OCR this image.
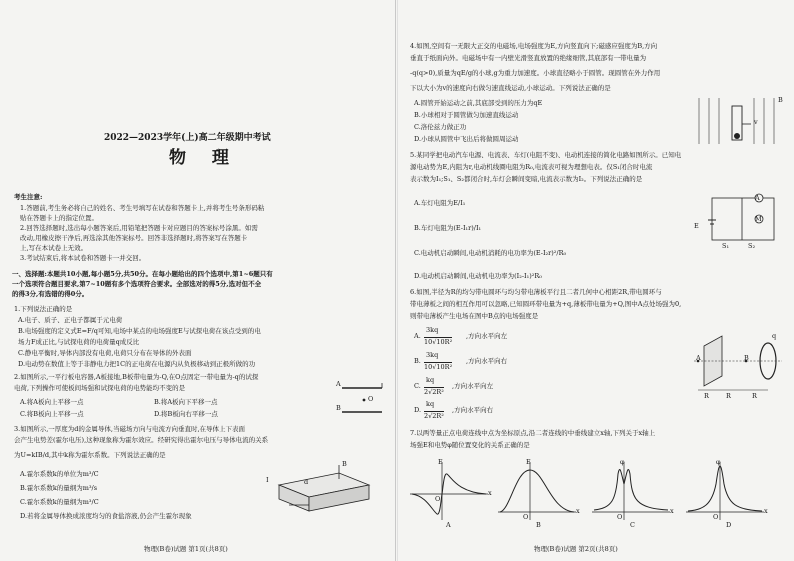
2022—2023学年(上)高二年级期中考试
物 理
考生注意:
1.答题前,考生务必将自己的姓名、考生号填写在试卷和答题卡上,并将考生号条形码粘
贴在答题卡上的指定位置。
2.回答选择题时,选出每小题答案后,用铅笔把答题卡对应题目的答案标号涂黑。如需
改动,用橡皮擦干净后,再选涂其他答案标号。回答非选择题时,将答案写在答题卡
上,写在本试卷上无效。
3.考试结束后,将本试卷和答题卡一并交回。
一、选择题:本题共10小题,每小题5分,共50分。在每小题给出的四个选项中,第1~6题只有
一个选项符合题目要求,第7~10题有多个选项符合要求。全部选对的得5分,选对但不全
的得3分,有选错的得0分。
1.下列说法正确的是
A.电子、质子、正电子都属于元电荷
B.电场强度的定义式E=F/q可知,电场中某点的电场强度E与试探电荷在该点受到的电
场力F成正比,与试探电荷的电荷量q成反比
C.静电平衡时,导体内部没有电荷,电荷只分布在导体的外表面
D.电动势在数值上等于非静电力把1C的正电荷在电源内从负极移动到正极所做的功
2.如图所示,一平行板电容器,A板接地,B板带电量为-Q,在O点固定一带电量为-q的试探
电荷,下列操作可使板间场强和试探电荷的电势能均不变的是
A.将A板向上平移一点	B.将A板向下平移一点
C.将B板向上平移一点	D.将B板向右平移一点
A
O
B
3.如图所示,一厚度为d的金属导体,当磁场方向与电流方向垂直时,在导体上下表面
会产生电势差(霍尔电压),这种现象称为霍尔效应。经研究得出霍尔电压与导体电流的关系
为U=kIB/d,其中k称为霍尔系数。下列说法正确的是
A.霍尔系数k的单位为m³/C
B.霍尔系数k的量纲为m³/s
C.霍尔系数k的量纲为m³/C
D.若将金属导体换成浓度均匀的食盐溶液,仍会产生霍尔现象
I	d
B
物理(B卷)试题 第1页(共8页)
4.如图,空间有一无限大正交的电磁场,电场强度为E,方向竖直向下;磁感应强度为B,方向
垂直于纸面向外。电磁场中有一内壁光滑竖直放置的绝缘细管,其底部有一带电量为
-q(q>0),质量为qE/g的小球,g为重力加速度。小球直径略小于圆管。现圆管在外力作用
下以大小为v的速度向右做匀速直线运动,小球运动。下列说法正确的是
A.圆管开始运动之前,其底部受到的压力为qE
B.小球相对于圆管做匀加速直线运动
C.洛伦兹力做正功
D.小球从圆管中飞出后将做圆周运动
v
B
5.某同学把电动汽车电源、电流表、车灯(电阻不变)、电动机连接的简化电路如图所示。已知电
源电动势为E,内阻为r,电动机线圈电阻为R₀,电流表可视为理想电表。仅S₁闭合时电流
表示数为I₁;S₁、S₂都闭合时,车灯会瞬间变暗,电流表示数为I₂。下列说法正确的是
A.车灯电阻为E/I₁
B.车灯电阻为(E-I₁r)/I₁
C.电动机启动瞬间,电动机消耗的电功率为(E-I₂r)²/R₀
D.电动机启动瞬间,电动机电功率为(I₂-I₁)²R₀
A
M
E
S₁	S₂
6.如图,半径为R的均匀带电圆环与均匀带电薄板平行且二者几何中心相距2R,带电圆环与
带电薄板之间的相互作用可以忽略,已知圆环带电量为+q,薄板带电量为+Q,图中A点处场强为0,
则带电薄板产生电场在图中B点的电场强度是
A.
3kq
10√10R²
,方向水平向左
B.
3kq
10√10R²
,方向水平向右
C.
kq
2√2R²
,方向水平向左
D.
kq
2√2R²
,方向水平向右
A	B
R	R	R
q
7.以两等量正点电荷连线中点为坐标原点,沿二者连线的中垂线建立x轴,下列关于x轴上
场强E和电势φ随位置变化的关系正确的是
E	E	φ	φ
x
x	x	x
O
O	O	O
A	B	C	D
物理(B卷)试题 第2页(共8页)
